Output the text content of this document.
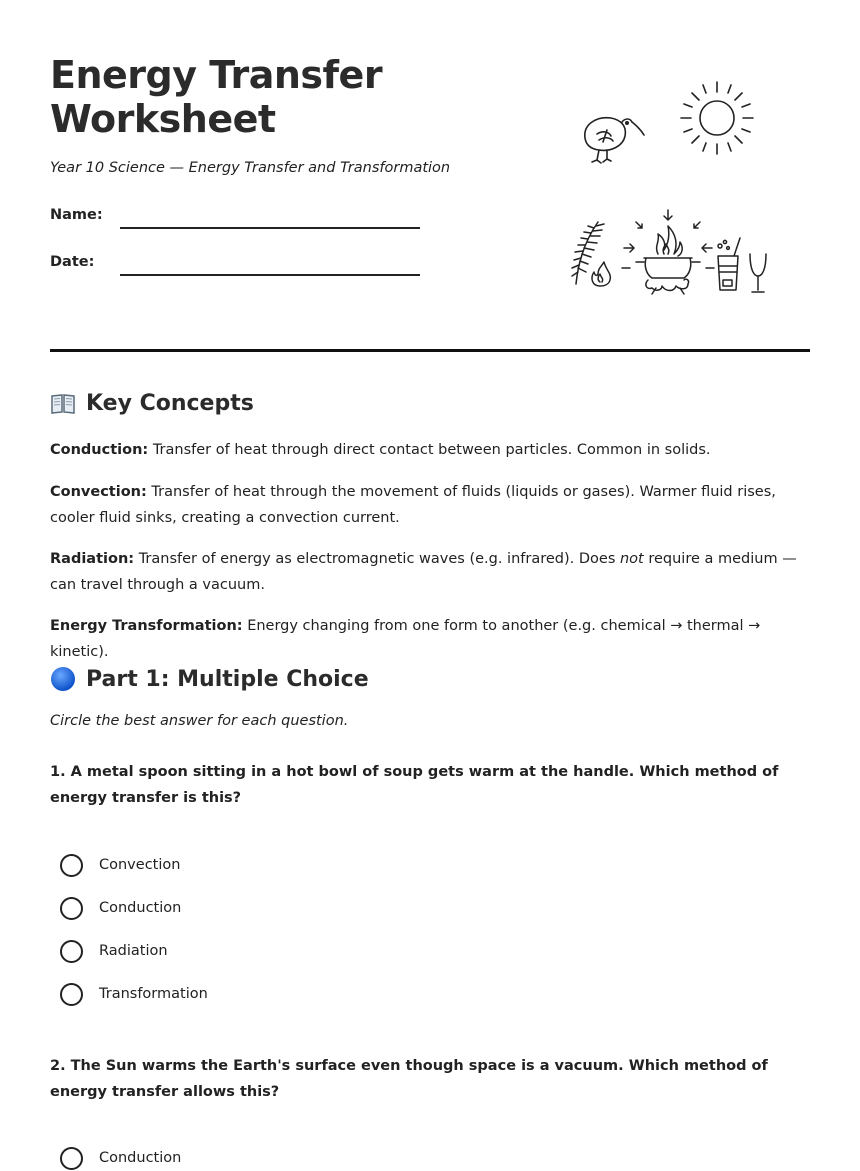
Energy Transfer Worksheet
Year 10 Science — Energy Transfer and Transformation
Name:
Date:
Key Concepts

Conduction: Transfer of heat through direct contact between particles. Common in solids.

Convection: Transfer of heat through the movement of fluids (liquids or gases). Warmer fluid rises, cooler fluid sinks, creating a convection current.

Radiation: Transfer of energy as electromagnetic waves (e.g. infrared). Does not require a medium — can travel through a vacuum.

Energy Transformation: Energy changing from one form to another (e.g. chemical → thermal → kinetic).

Part 1: Multiple Choice
Circle the best answer for each question.

1. A metal spoon sitting in a hot bowl of soup gets warm at the handle. Which method of energy transfer is this?

Convection
Conduction
Radiation
Transformation

2. The Sun warms the Earth's surface even though space is a vacuum. Which method of energy transfer allows this?

Conduction
